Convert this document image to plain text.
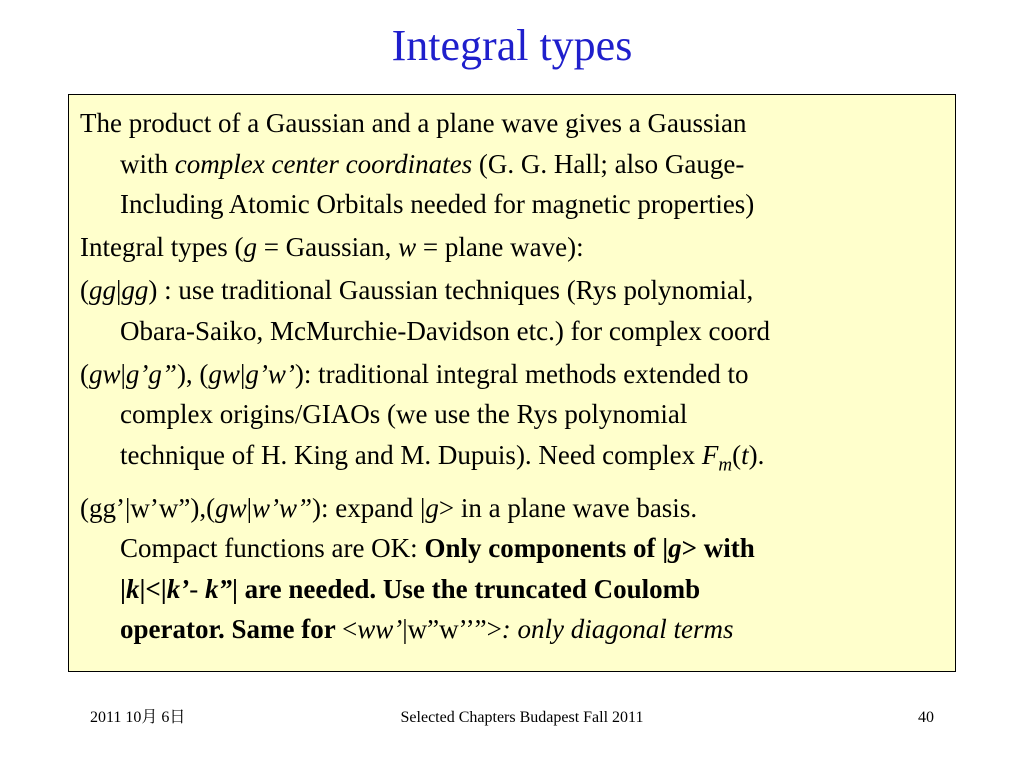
Integral types

The product of a Gaussian and a plane wave gives a Gaussian
with complex center coordinates (G. G. Hall; also Gauge-
Including Atomic Orbitals needed for magnetic properties)

Integral types (g = Gaussian, w = plane wave):

(gg|gg) : use traditional Gaussian techniques (Rys polynomial,
Obara-Saiko, McMurchie-Davidson etc.) for complex coord

(gw|g’g”), (gw|g’w’): traditional integral methods extended to
complex origins/GIAOs (we use the Rys polynomial
technique of H. King and M. Dupuis). Need complex $F_m(t)$.

(gg’|w’w”),(gw|w’w”): expand |g> in a plane wave basis.
Compact functions are OK: Only components of |g> with
|k|<|k’- k”| are needed. Use the truncated Coulomb
operator. Same for <ww’|w”w’’”>: only diagonal terms

2011 10月 6日	Selected Chapters Budapest Fall 2011	40
